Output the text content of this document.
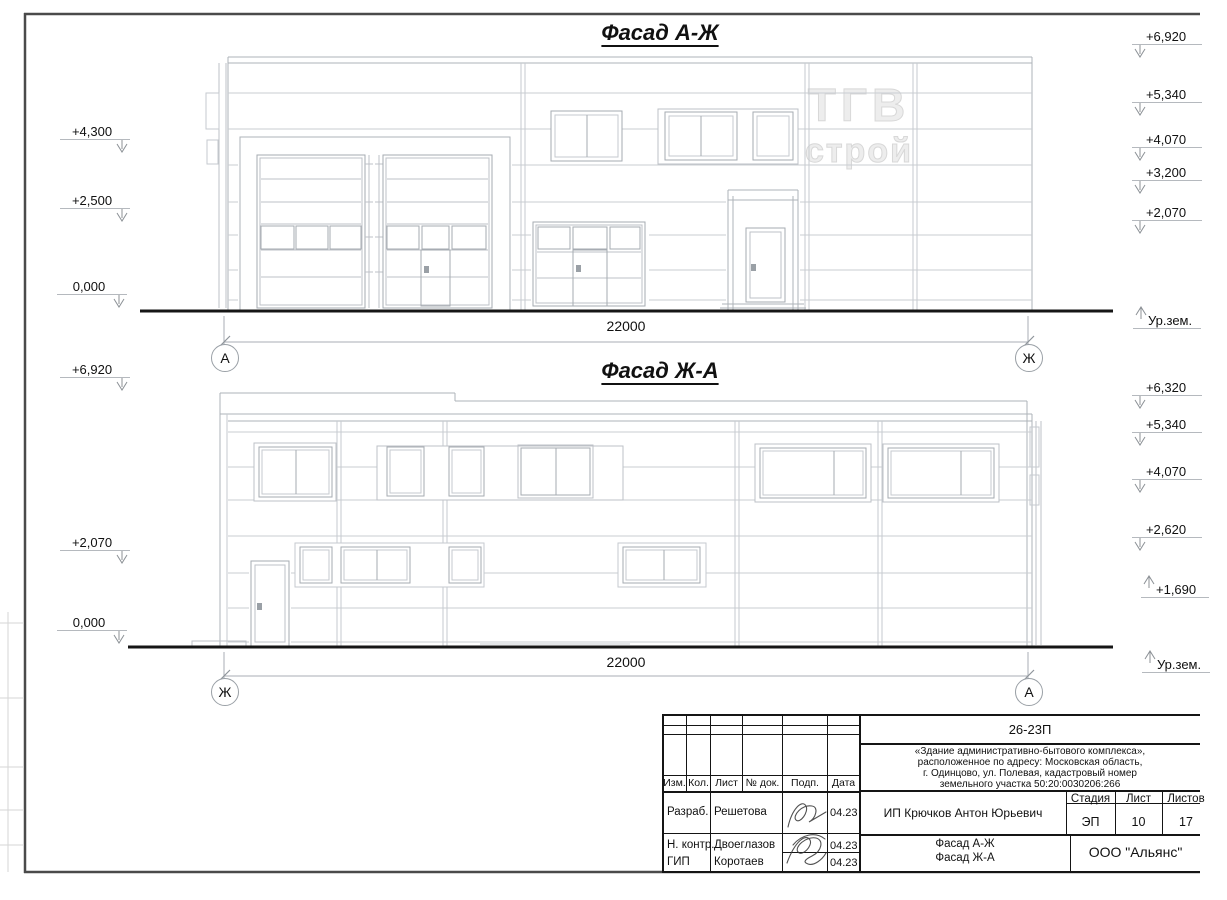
ТГВ
строй
Фасад А-Ж
Фасад Ж-А
22000
22000
+4,300
+2,500
0,000
+6,920
+5,340
+4,070
+3,200
+2,070
Ур.зем.
+6,920
+2,070
0,000
+6,320
+5,340
+4,070
+2,620
+1,690
Ур.зем.
А	Ж
Ж	А
Изм. Кол. Лист № док.	Подп.	Дата
Разраб. Решетова	04.23
Н. контр. Двоеглазов	04.23
ГИП Коротаев	04.23
26-23П
«Здание административно-бытового комплекса»,
расположенное по адресу: Московская область,
г. Одинцово, ул. Полевая, кадастровый номер
земельного участка 50:20:0030206:266
ИП Крючков Антон Юрьевич
Стадия	Лист	Листов
ЭП	10	17
Фасад А-Ж
Фасад Ж-А	ООО "Альянс"
